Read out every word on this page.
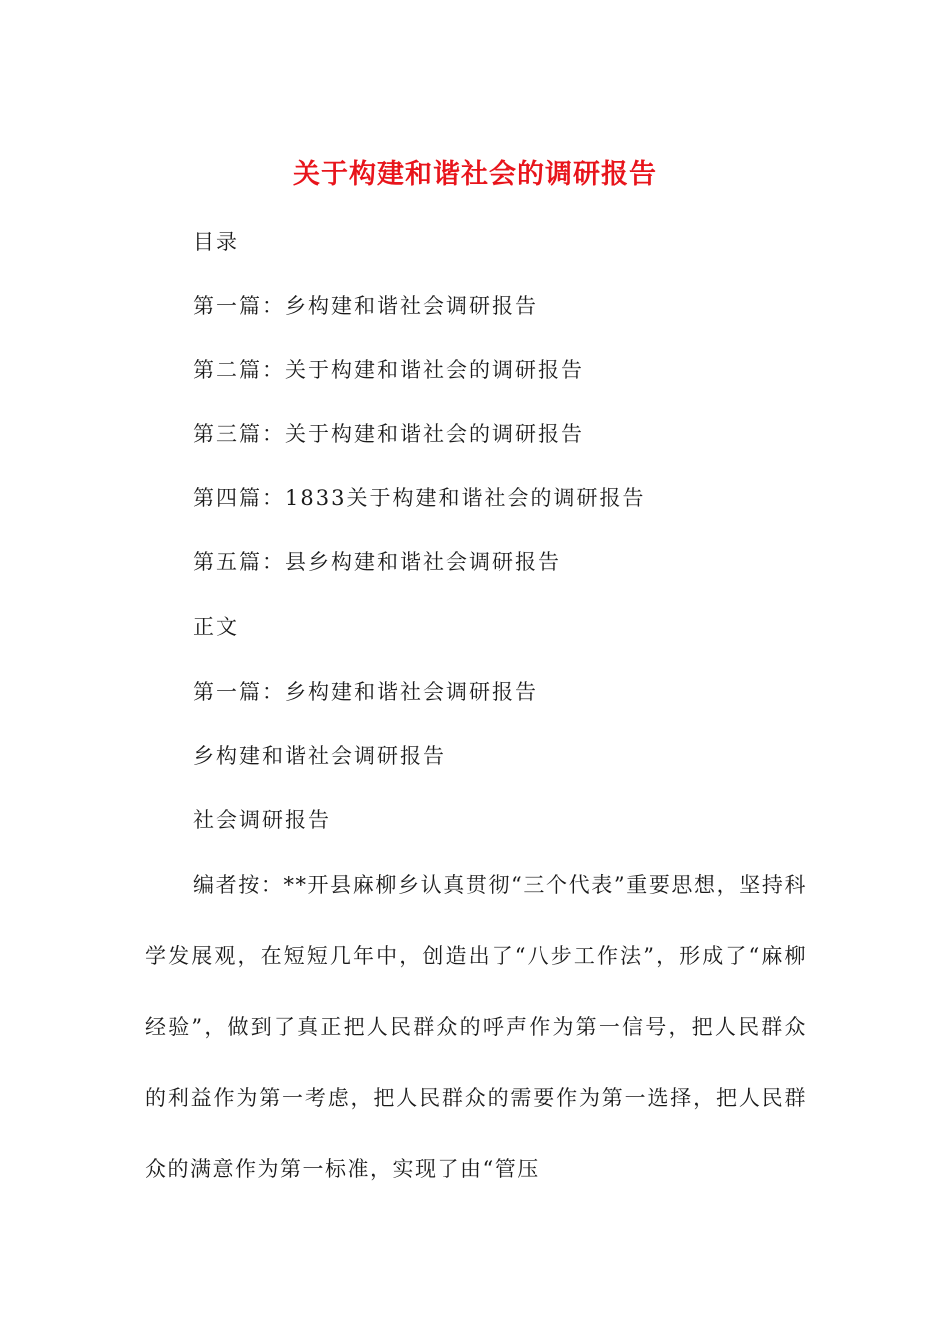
关于构建和谐社会的调研报告
目录
第一篇：乡构建和谐社会调研报告
第二篇：关于构建和谐社会的调研报告
第三篇：关于构建和谐社会的调研报告
第四篇：1833关于构建和谐社会的调研报告
第五篇：县乡构建和谐社会调研报告
正文
第一篇：乡构建和谐社会调研报告
乡构建和谐社会调研报告
社会调研报告
编者按：**开县麻柳乡认真贯彻“三个代表”重要思想，坚持科学发展观，在短短几年中，创造出了“八步工作法”，形成了“麻柳经验”，做到了真正把人民群众的呼声作为第一信号，把人民群众的利益作为第一考虑，把人民群众的需要作为第一选择，把人民群众的满意作为第一标准，实现了由“管压
